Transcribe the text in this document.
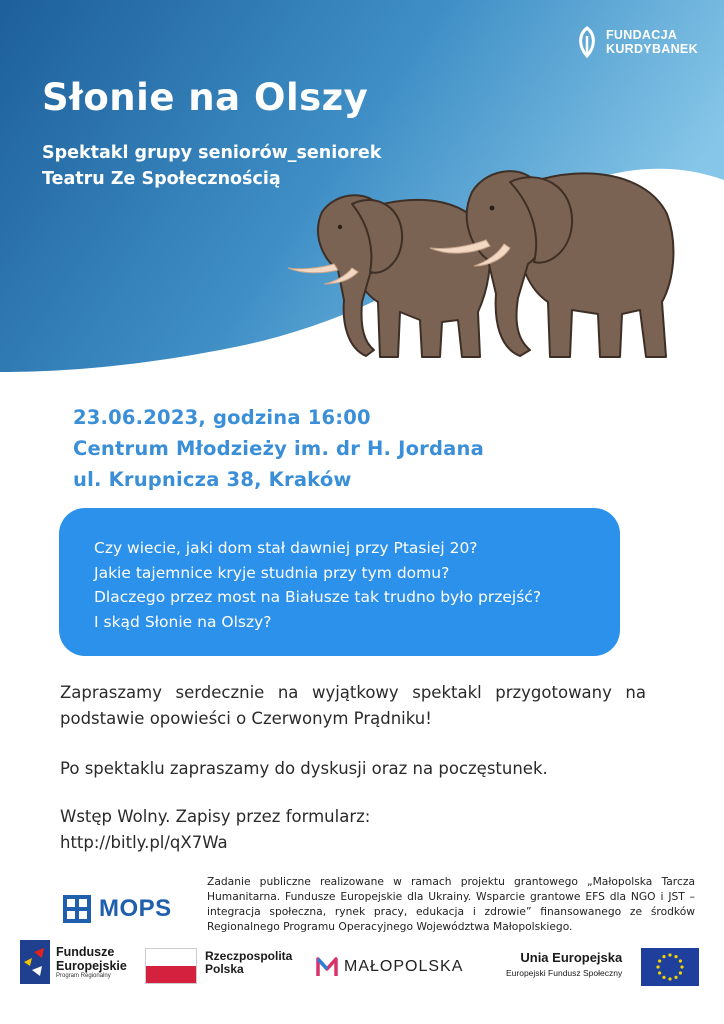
FUNDACJA
KURDYBANEK
Słonie na Olszy
Spektakl grupy seniorów_seniorek
Teatru Ze Społecznością
23.06.2023, godzina 16:00
Centrum Młodzieży im. dr H. Jordana
ul. Krupnicza 38, Kraków
Czy wiecie, jaki dom stał dawniej przy Ptasiej 20?
Jakie tajemnice kryje studnia przy tym domu?
Dlaczego przez most na Białusze tak trudno było przejść?
I skąd Słonie na Olszy?
Zapraszamy serdecznie na wyjątkowy spektakl przygotowany na podstawie opowieści o Czerwonym Prądniku!
Po spektaklu zapraszamy do dyskusji oraz na poczęstunek.
Wstęp Wolny. Zapisy przez formularz:
http://bitly.pl/qX7Wa
MOPS
Zadanie publiczne realizowane w ramach projektu grantowego „Małopolska Tarcza Humanitarna. Fundusze Europejskie dla Ukrainy. Wsparcie grantowe EFS dla NGO i JST – integracja społeczna, rynek pracy, edukacja i zdrowie” finansowanego ze środków Regionalnego Programu Operacyjnego Województwa Małopolskiego.
Fundusze
Europejskie
Program Regionalny
Rzeczpospolita
Polska	MAŁOPOLSKA
Unia Europejska
Europejski Fundusz Społeczny
